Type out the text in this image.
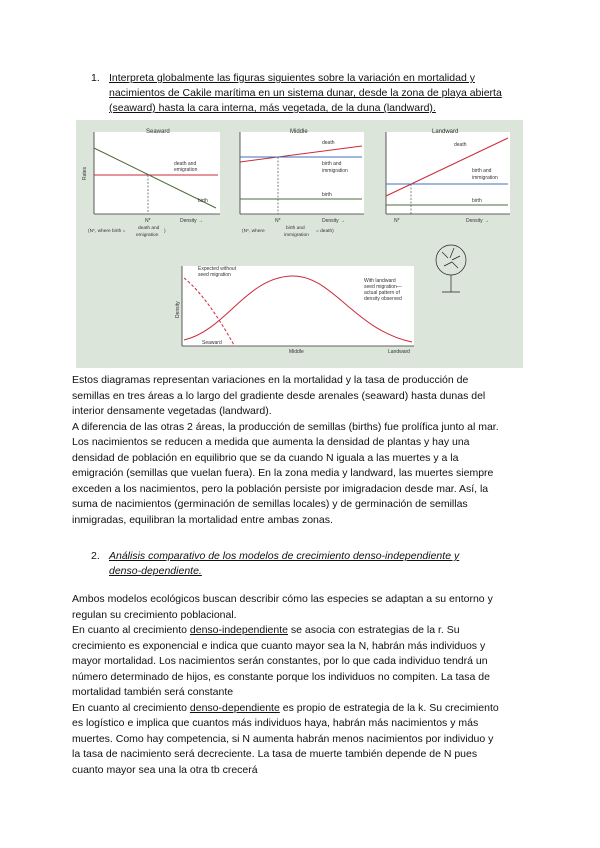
1. Interpreta globalmente las figuras siguientes sobre la variación en mortalidad y
nacimientos de Cakile marítima en un sistema dunar, desde la zona de playa abierta
(seaward) hasta la cara interna, más vegetada, de la duna (landward).
Seaward
Rates
death and
emigration
birth
N*	Density →
(N*, where birth =
death and
emigration
)
Middle
death
birth and
immigration
birth
N*	Density →
(N*, where
birth and
immigration
= death)
Landward
death
birth and
immigration
birth
N*	Density →
Density
Expected without
seed migration
With landward
seed migration—
actual pattern of
density observed
Seaward
Middle	Landward
Estos diagramas representan variaciones en la mortalidad y la tasa de producción de
semillas en tres áreas a lo largo del gradiente desde arenales (seaward) hasta dunas del
interior densamente vegetadas (landward).
A diferencia de las otras 2 áreas, la producción de semillas (births) fue prolífica junto al mar.
Los nacimientos se reducen a medida que aumenta la densidad de plantas y hay una
densidad de población en equilibrio que se da cuando N iguala a las muertes y a la
emigración (semillas que vuelan fuera). En la zona media y landward, las muertes siempre
exceden a los nacimientos, pero la población persiste por imigradacion desde mar. Así, la
suma de nacimientos (germinación de semillas locales) y de germinación de semillas
inmigradas, equilibran la mortalidad entre ambas zonas.
2. Análisis comparativo de los modelos de crecimiento denso-independiente y
denso-dependiente.
Ambos modelos ecológicos buscan describir cómo las especies se adaptan a su entorno y
regulan su crecimiento poblacional.
En cuanto al crecimiento denso-independiente se asocia con estrategias de la r. Su
crecimiento es exponencial e indica que cuanto mayor sea la N, habrán más individuos y
mayor mortalidad. Los nacimientos serán constantes, por lo que cada individuo tendrá un
número determinado de hijos, es constante porque los individuos no compiten. La tasa de
mortalidad también será constante
En cuanto al crecimiento denso-dependiente es propio de estrategia de la k. Su crecimiento
es logístico e implica que cuantos más individuos haya, habrán más nacimientos y más
muertes. Como hay competencia, si N aumenta habrán menos nacimientos por individuo y
la tasa de nacimiento será decreciente. La tasa de muerte también depende de N pues
cuanto mayor sea una la otra tb crecerá
